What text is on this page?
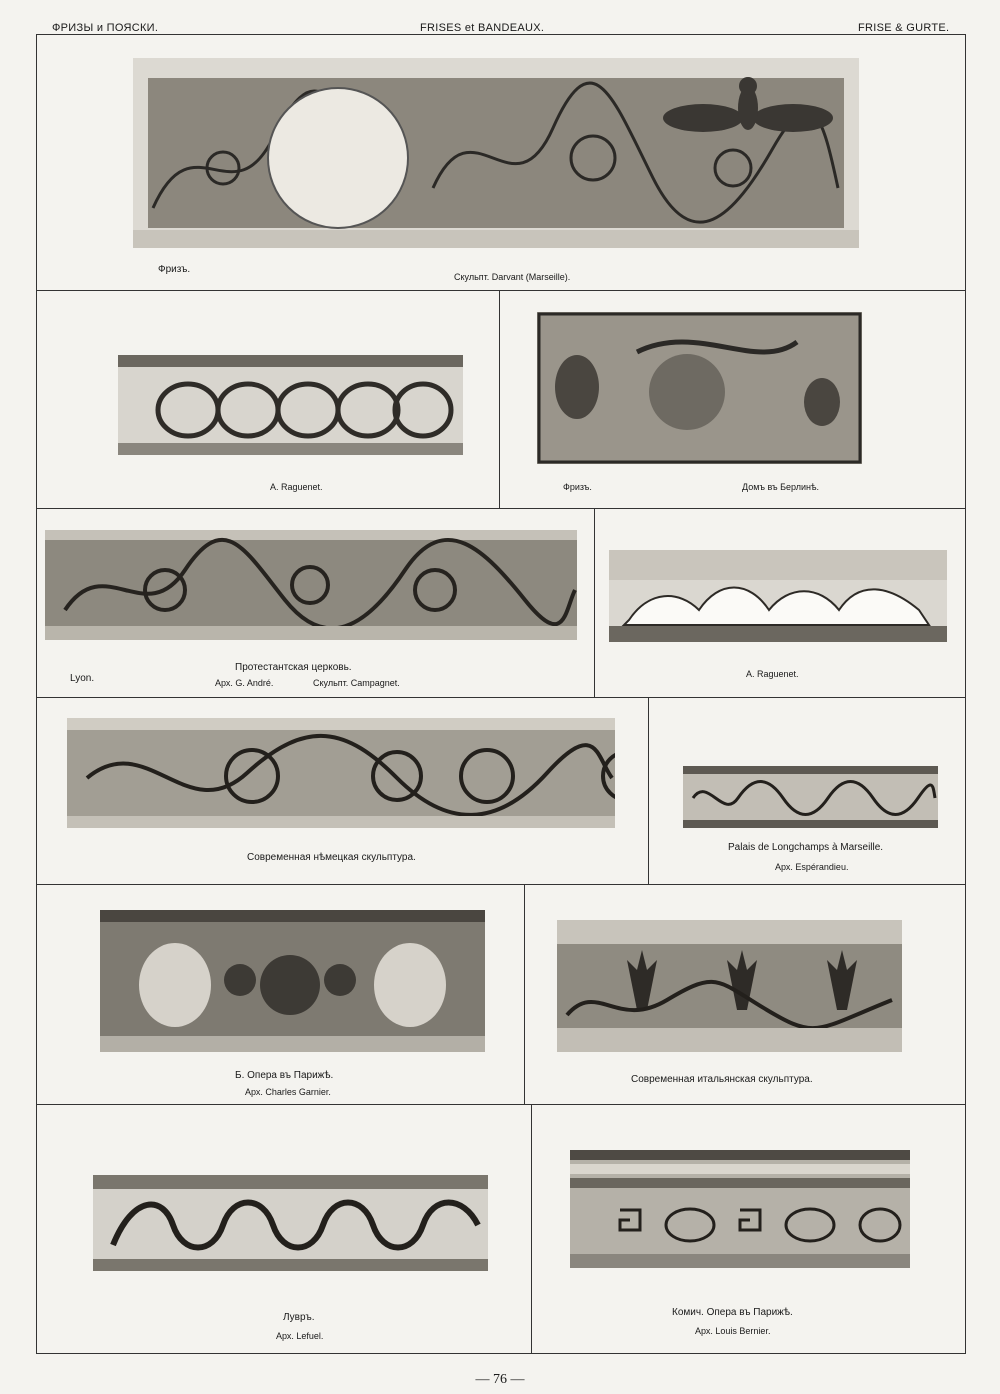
ФРИЗЫ и ПОЯСКИ.	FRISES et BANDEAUX.	FRISE & GURTE.
Фризъ.
Скульпт. Darvant (Marseille).
A. Raguenet.	Фризъ.	Домъ въ Берлинѣ.
Lyon.
Протестантская церковь.
Арх. G. André.	Скульпт. Campagnet.
A. Raguenet.
Современная нѣмецкая скульптура.
Palais de Longchamps à Marseille.
Арх. Espérandieu.
Б. Опера въ Парижѣ.
Арх. Charles Garnier.
Современная итальянская скульптура.
Лувръ.
Арх. Lefuel.
Комич. Опера въ Парижѣ.
Арх. Louis Bernier.
— 76 —
